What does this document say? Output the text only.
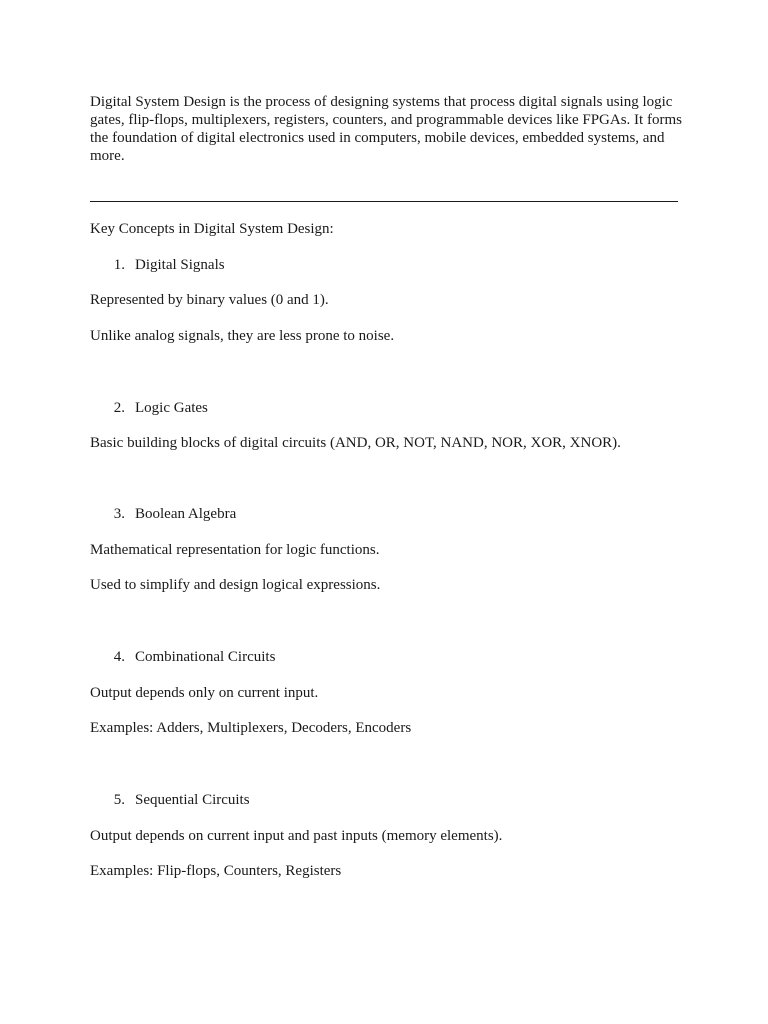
Digital System Design is the process of designing systems that process digital signals using logic gates, flip-flops, multiplexers, registers, counters, and programmable devices like FPGAs. It forms the foundation of digital electronics used in computers, mobile devices, embedded systems, and more.

Key Concepts in Digital System Design:

1. Digital Signals

Represented by binary values (0 and 1).

Unlike analog signals, they are less prone to noise.

2. Logic Gates

Basic building blocks of digital circuits (AND, OR, NOT, NAND, NOR, XOR, XNOR).

3. Boolean Algebra

Mathematical representation for logic functions.

Used to simplify and design logical expressions.

4. Combinational Circuits

Output depends only on current input.

Examples: Adders, Multiplexers, Decoders, Encoders

5. Sequential Circuits

Output depends on current input and past inputs (memory elements).

Examples: Flip-flops, Counters, Registers
